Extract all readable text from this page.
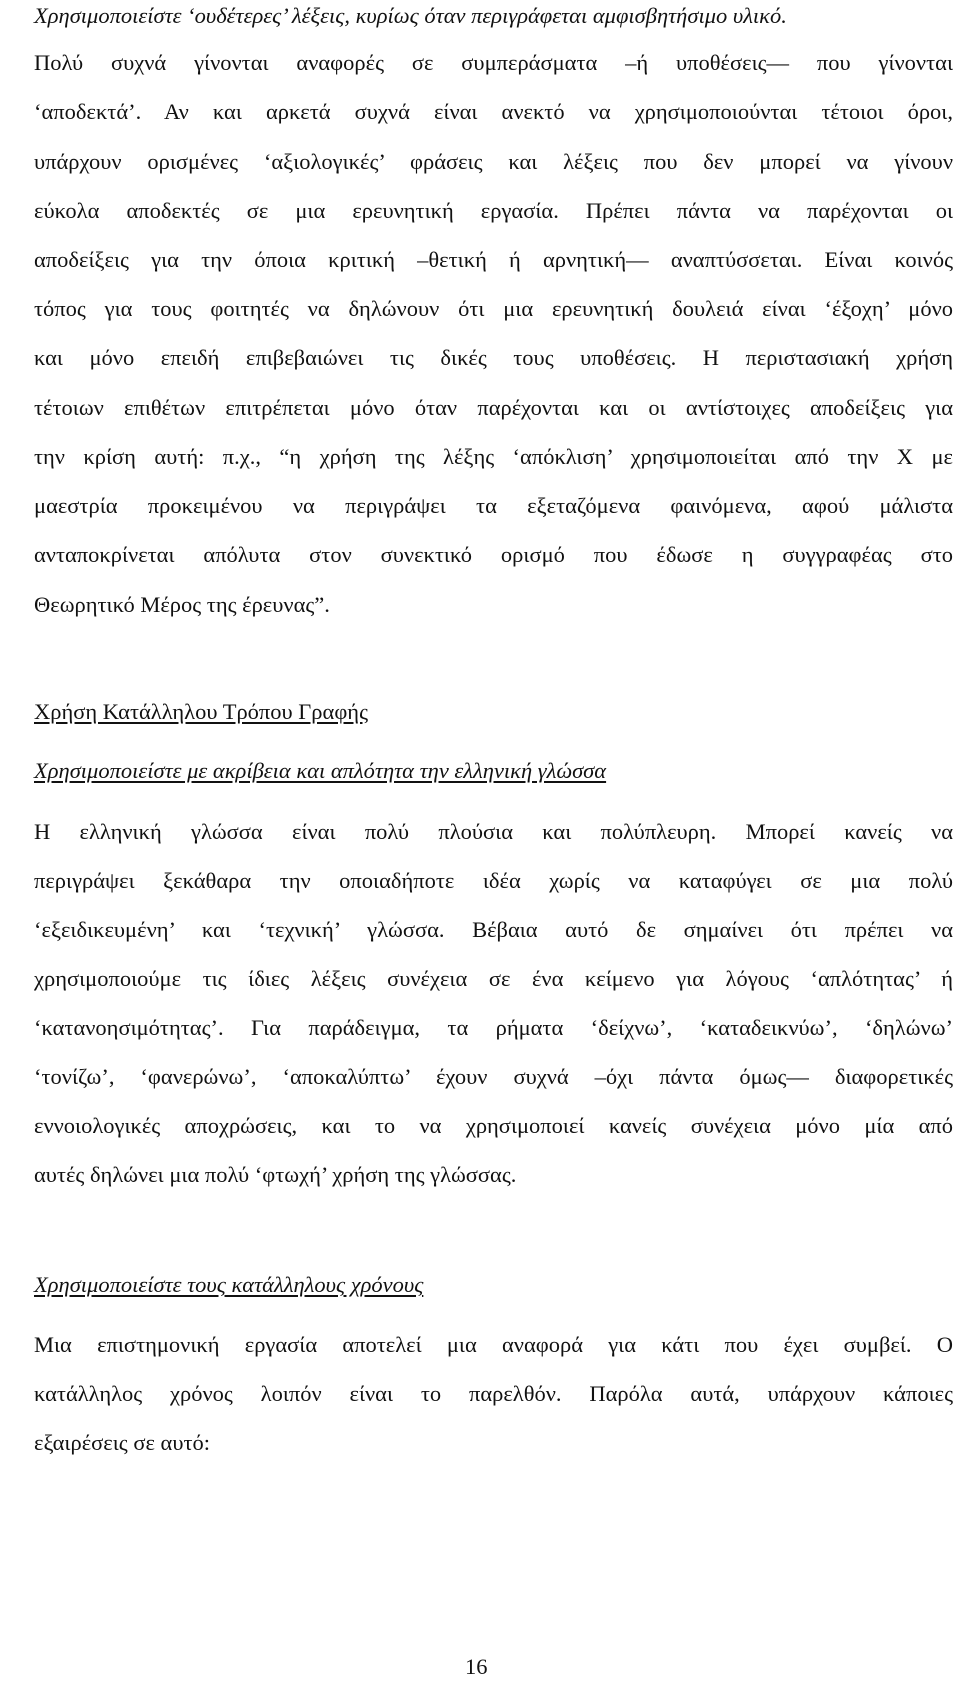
Χρησιμοποιείστε ‘ουδέτερες’ λέξεις, κυρίως όταν περιγράφεται αμφισβητήσιμο υλικό.
Πολύ συχνά γίνονται αναφορές σε συμπεράσματα –ή υποθέσεις— που γίνονται
‘αποδεκτά’. Αν και αρκετά συχνά είναι ανεκτό να χρησιμοποιούνται τέτοιοι όροι,
υπάρχουν ορισμένες ‘αξιολογικές’ φράσεις και λέξεις που δεν μπορεί να γίνουν
εύκολα αποδεκτές σε μια ερευνητική εργασία. Πρέπει πάντα να παρέχονται οι
αποδείξεις για την όποια κριτική –θετική ή αρνητική— αναπτύσσεται. Είναι κοινός
τόπος για τους φοιτητές να δηλώνουν ότι μια ερευνητική δουλειά είναι ‘έξοχη’ μόνο
και μόνο επειδή επιβεβαιώνει τις δικές τους υποθέσεις. Η περιστασιακή χρήση
τέτοιων επιθέτων επιτρέπεται μόνο όταν παρέχονται και οι αντίστοιχες αποδείξεις για
την κρίση αυτή: π.χ., “η χρήση της λέξης ‘απόκλιση’ χρησιμοποιείται από την Χ με
μαεστρία προκειμένου να περιγράψει τα εξεταζόμενα φαινόμενα, αφού μάλιστα
ανταποκρίνεται απόλυτα στον συνεκτικό ορισμό που έδωσε η συγγραφέας στο
Θεωρητικό Μέρος της έρευνας”.
Χρήση Κατάλληλου Τρόπου Γραφής
Χρησιμοποιείστε με ακρίβεια και απλότητα την ελληνική γλώσσα
Η ελληνική γλώσσα είναι πολύ πλούσια και πολύπλευρη. Μπορεί κανείς να
περιγράψει ξεκάθαρα την οποιαδήποτε ιδέα χωρίς να καταφύγει σε μια πολύ
‘εξειδικευμένη’ και ‘τεχνική’ γλώσσα. Βέβαια αυτό δε σημαίνει ότι πρέπει να
χρησιμοποιούμε τις ίδιες λέξεις συνέχεια σε ένα κείμενο για λόγους ‘απλότητας’ ή
‘κατανοησιμότητας’. Για παράδειγμα, τα ρήματα ‘δείχνω’, ‘καταδεικνύω’, ‘δηλώνω’
‘τονίζω’, ‘φανερώνω’, ‘αποκαλύπτω’ έχουν συχνά –όχι πάντα όμως— διαφορετικές
εννοιολογικές αποχρώσεις, και το να χρησιμοποιεί κανείς συνέχεια μόνο μία από
αυτές δηλώνει μια πολύ ‘φτωχή’ χρήση της γλώσσας.
Χρησιμοποιείστε τους κατάλληλους χρόνους
Μια επιστημονική εργασία αποτελεί μια αναφορά για κάτι που έχει συμβεί. Ο
κατάλληλος χρόνος λοιπόν είναι το παρελθόν. Παρόλα αυτά, υπάρχουν κάποιες
εξαιρέσεις σε αυτό:
16
